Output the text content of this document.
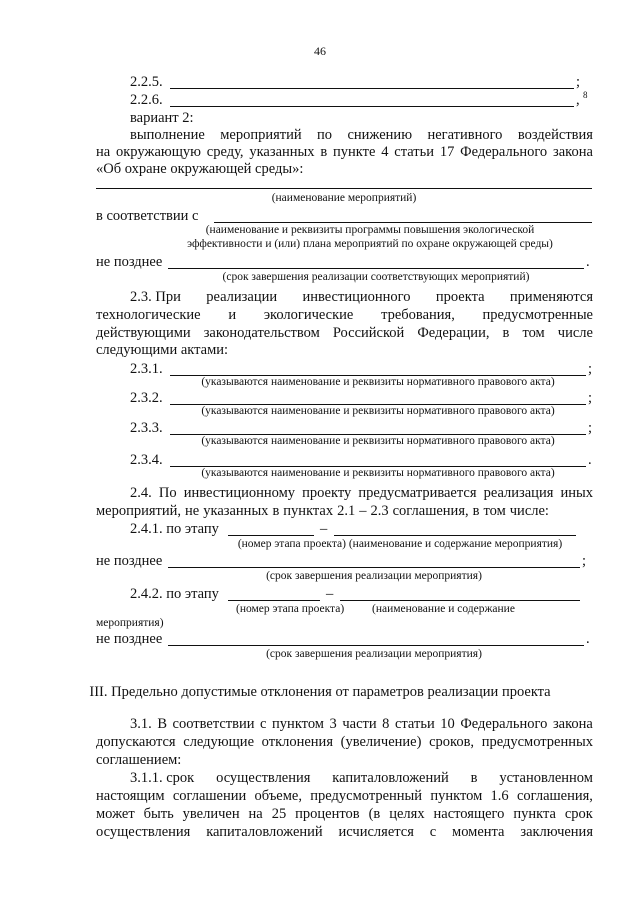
46
2.2.5.	;
2.2.6.	, 8
вариант 2:
выполнение мероприятий по снижению негативного воздействия
на окружающую среду, указанных в пункте 4 статьи 17 Федерального закона
«Об охране окружающей среды»:
(наименование мероприятий)
в соответствии с
(наименование и реквизиты программы повышения экологической
эффективности и (или) плана мероприятий по охране окружающей среды)
не позднее	.
(срок завершения реализации соответствующих мероприятий)
2.3. При реализации инвестиционного проекта применяются
технологические и экологические требования, предусмотренные
действующими законодательством Российской Федерации, в том числе
следующими актами:
2.3.1.	;
(указываются наименование и реквизиты нормативного правового акта)
2.3.2.	;
(указываются наименование и реквизиты нормативного правового акта)
2.3.3.	;
(указываются наименование и реквизиты нормативного правового акта)
2.3.4.	.
(указываются наименование и реквизиты нормативного правового акта)
2.4. По инвестиционному проекту предусматривается реализация иных
мероприятий, не указанных в пунктах 2.1 – 2.3 соглашения, в том числе:
2.4.1. по этапу	–
(номер этапа проекта) (наименование и содержание мероприятия)
не позднее	;
(срок завершения реализации мероприятия)
2.4.2. по этапу	–
(номер этапа проекта) (наименование и содержание
мероприятия)
не позднее	.
(срок завершения реализации мероприятия)
III. Предельно допустимые отклонения от параметров реализации проекта
3.1. В соответствии с пунктом 3 части 8 статьи 10 Федерального закона
допускаются следующие отклонения (увеличение) сроков, предусмотренных
соглашением:
3.1.1. срок осуществления капиталовложений в установленном
настоящим соглашении объеме, предусмотренный пунктом 1.6 соглашения,
может быть увеличен на 25 процентов (в целях настоящего пункта срок
осуществления капиталовложений исчисляется с момента заключения
